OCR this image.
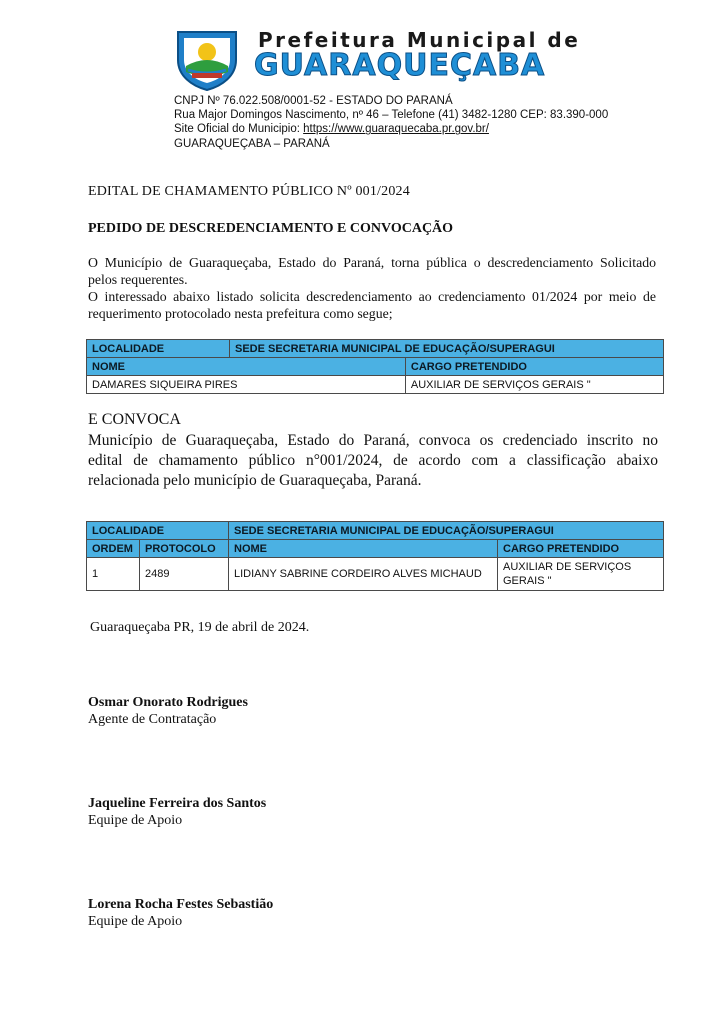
Prefeitura Municipal de
GUARAQUEÇABA
CNPJ Nº 76.022.508/0001-52 - ESTADO DO PARANÁ
Rua Major Domingos Nascimento, nº 46 – Telefone (41) 3482-1280 CEP: 83.390-000
Site Oficial do Municipio: https://www.guaraquecaba.pr.gov.br/
GUARAQUEÇABA – PARANÁ
EDITAL DE CHAMAMENTO PÚBLICO Nº 001/2024
PEDIDO DE DESCREDENCIAMENTO E CONVOCAÇÃO
O Município de Guaraqueçaba, Estado do Paraná, torna pública o descredenciamento Solicitado
pelos requerentes.
O interessado abaixo listado solicita descredenciamento ao credenciamento 01/2024 por meio de
requerimento protocolado nesta prefeitura como segue;
LOCALIDADE	SEDE SECRETARIA MUNICIPAL DE EDUCAÇÃO/SUPERAGUI	
NOME		CARGO PRETENDIDO
DAMARES SIQUEIRA PIRES		AUXILIAR DE SERVIÇOS GERAIS "
E CONVOCA
Município de Guaraqueçaba, Estado do Paraná, convoca os credenciado inscrito no
edital de chamamento público n°001/2024, de acordo com a classificação abaixo
relacionada pelo município de Guaraqueçaba, Paraná.
LOCALIDADE		SEDE SECRETARIA MUNICIPAL DE EDUCAÇÃO/SUPERAGUI	
ORDEM	PROTOCOLO	NOME	CARGO PRETENDIDO
1	2489	LIDIANY SABRINE CORDEIRO ALVES MICHAUD	AUXILIAR DE SERVIÇOS
GERAIS "
Guaraqueçaba PR, 19 de abril de 2024.
Osmar Onorato Rodrigues
Agente de Contratação
Jaqueline Ferreira dos Santos
Equipe de Apoio
Lorena Rocha Festes Sebastião
Equipe de Apoio
